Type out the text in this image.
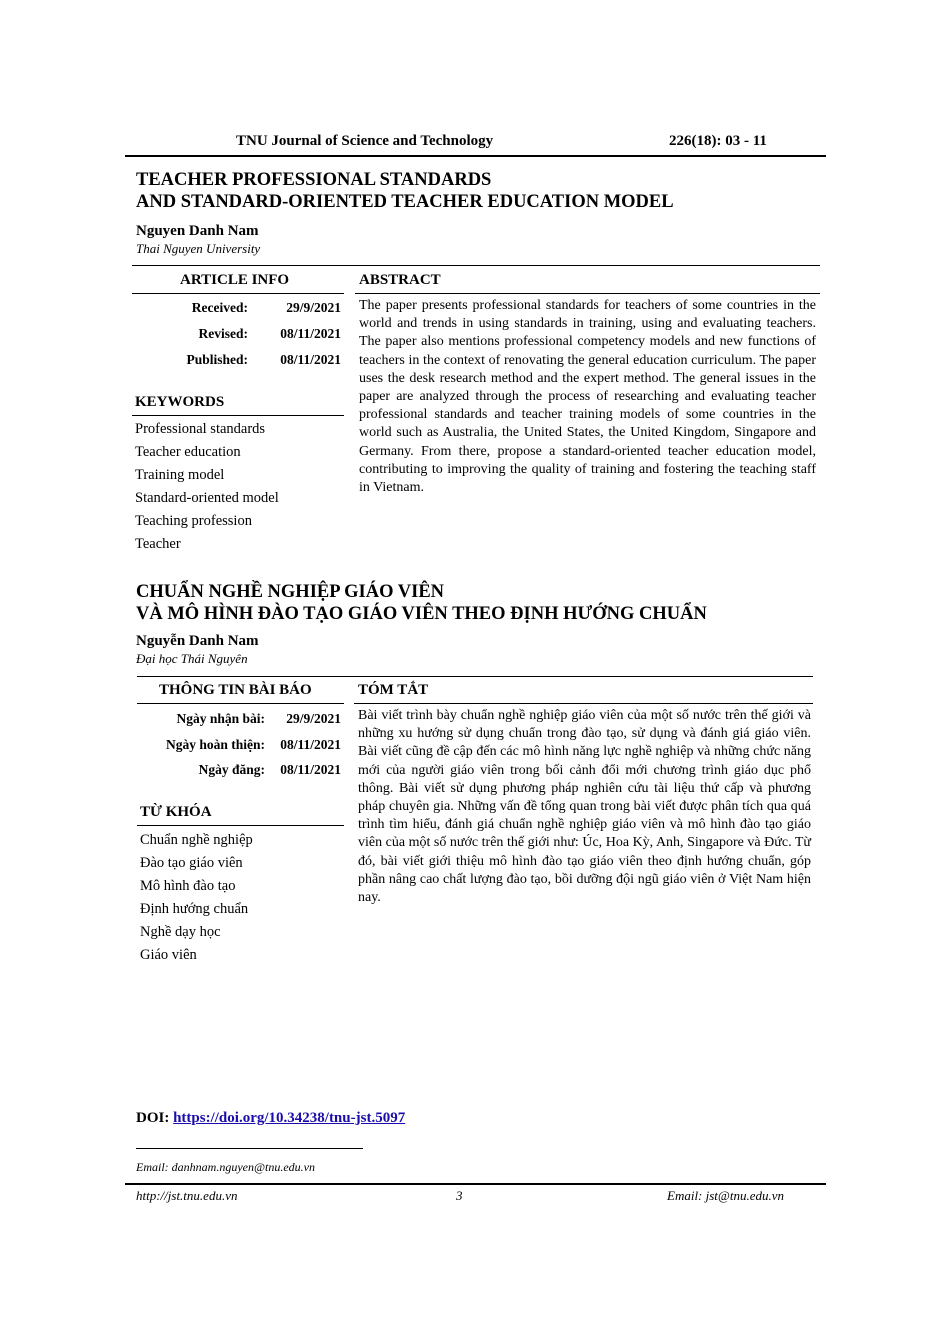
TNU Journal of Science and Technology	226(18): 03 - 11
TEACHER PROFESSIONAL STANDARDS
AND STANDARD-ORIENTED TEACHER EDUCATION MODEL
Nguyen Danh Nam
Thai Nguyen University
ARTICLE INFO	ABSTRACT
Received:	29/9/2021
Revised:	08/11/2021
Published:	08/11/2021
KEYWORDS
Professional standards
Teacher education
Training model
Standard-oriented model
Teaching profession
Teacher
The paper presents professional standards for teachers of some countries in the world and trends in using standards in training, using and evaluating teachers. The paper also mentions professional competency models and new functions of teachers in the context of renovating the general education curriculum. The paper uses the desk research method and the expert method. The general issues in the paper are analyzed through the process of researching and evaluating teacher professional standards and teacher training models of some countries in the world such as Australia, the United States, the United Kingdom, Singapore and Germany. From there, propose a standard-oriented teacher education model, contributing to improving the quality of training and fostering the teaching staff in Vietnam.
CHUẨN NGHỀ NGHIỆP GIÁO VIÊN
VÀ MÔ HÌNH ĐÀO TẠO GIÁO VIÊN THEO ĐỊNH HƯỚNG CHUẨN
Nguyễn Danh Nam
Đại học Thái Nguyên
THÔNG TIN BÀI BÁO	TÓM TẮT
Ngày nhận bài:	29/9/2021
Ngày hoàn thiện:	08/11/2021
Ngày đăng:	08/11/2021
TỪ KHÓA
Chuẩn nghề nghiệp
Đào tạo giáo viên
Mô hình đào tạo
Định hướng chuẩn
Nghề dạy học
Giáo viên
Bài viết trình bày chuẩn nghề nghiệp giáo viên của một số nước trên thế giới và những xu hướng sử dụng chuẩn trong đào tạo, sử dụng và đánh giá giáo viên. Bài viết cũng đề cập đến các mô hình năng lực nghề nghiệp và những chức năng mới của người giáo viên trong bối cảnh đổi mới chương trình giáo dục phổ thông. Bài viết sử dụng phương pháp nghiên cứu tài liệu thứ cấp và phương pháp chuyên gia. Những vấn đề tổng quan trong bài viết được phân tích qua quá trình tìm hiểu, đánh giá chuẩn nghề nghiệp giáo viên và mô hình đào tạo giáo viên của một số nước trên thế giới như: Úc, Hoa Kỳ, Anh, Singapore và Đức. Từ đó, bài viết giới thiệu mô hình đào tạo giáo viên theo định hướng chuẩn, góp phần nâng cao chất lượng đào tạo, bồi dưỡng đội ngũ giáo viên ở Việt Nam hiện nay.
DOI: https://doi.org/10.34238/tnu-jst.5097
Email: danhnam.nguyen@tnu.edu.vn
http://jst.tnu.edu.vn	3	Email: jst@tnu.edu.vn
